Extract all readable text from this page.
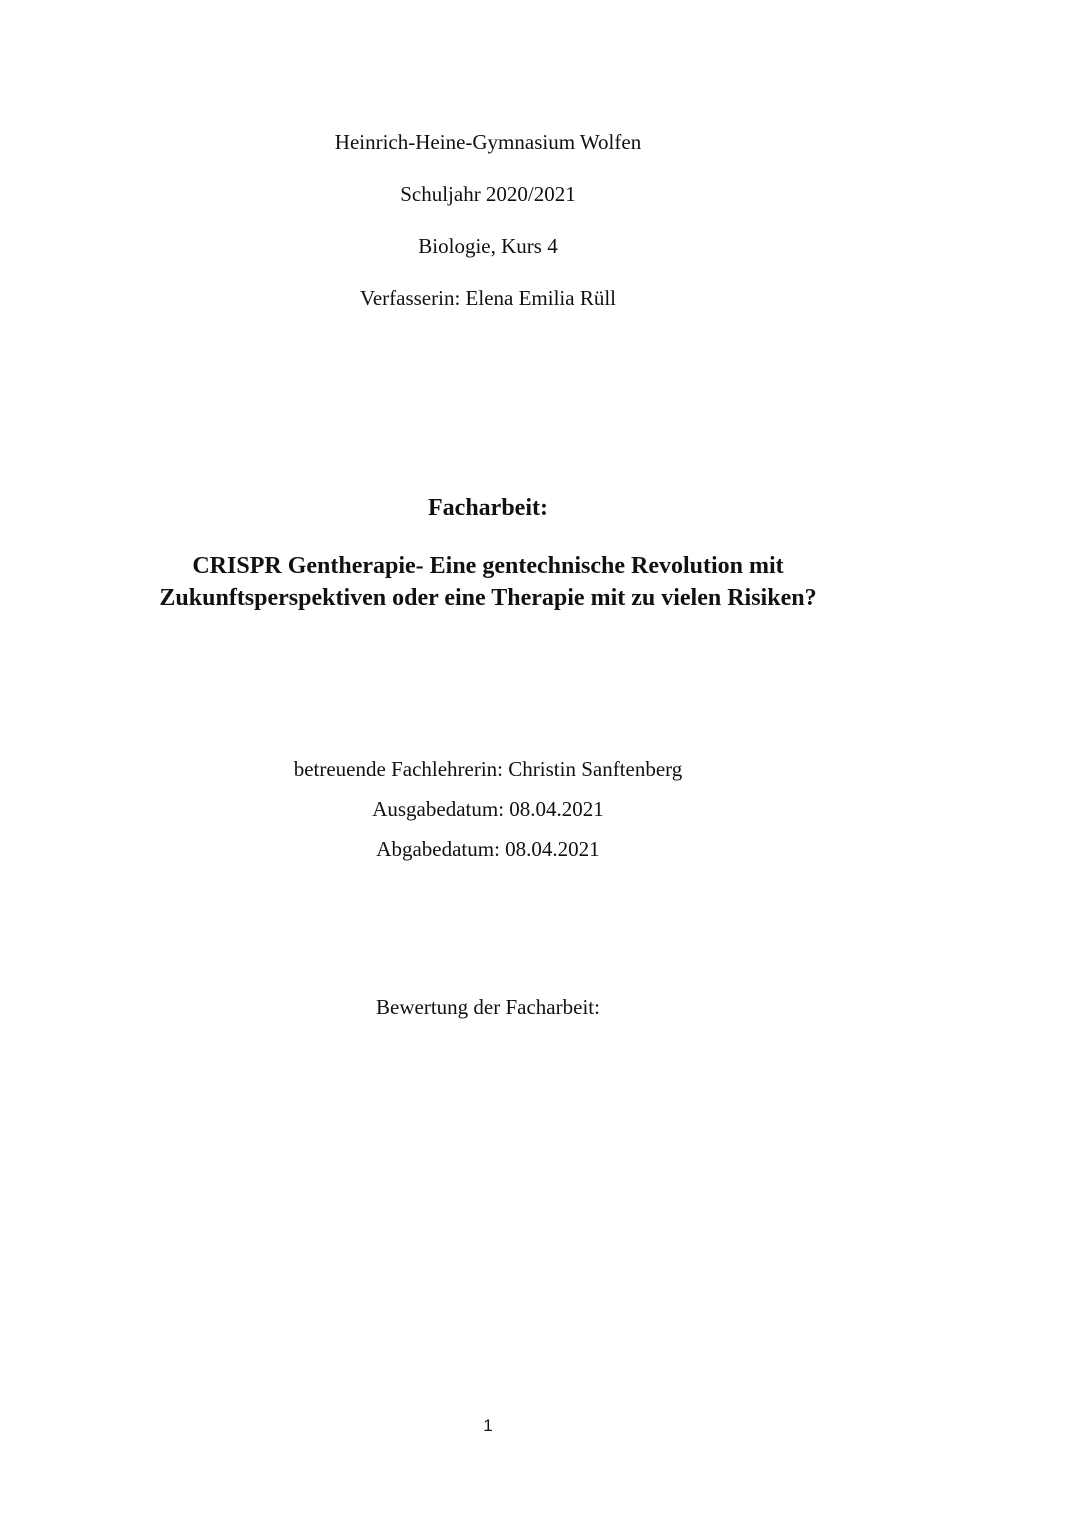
Heinrich-Heine-Gymnasium Wolfen
Schuljahr 2020/2021
Biologie, Kurs 4
Verfasserin: Elena Emilia Rüll
Facharbeit:
CRISPR Gentherapie- Eine gentechnische Revolution mit
Zukunftsperspektiven oder eine Therapie mit zu vielen Risiken?
betreuende Fachlehrerin: Christin Sanftenberg
Ausgabedatum: 08.04.2021
Abgabedatum: 08.04.2021
Bewertung der Facharbeit:
1
